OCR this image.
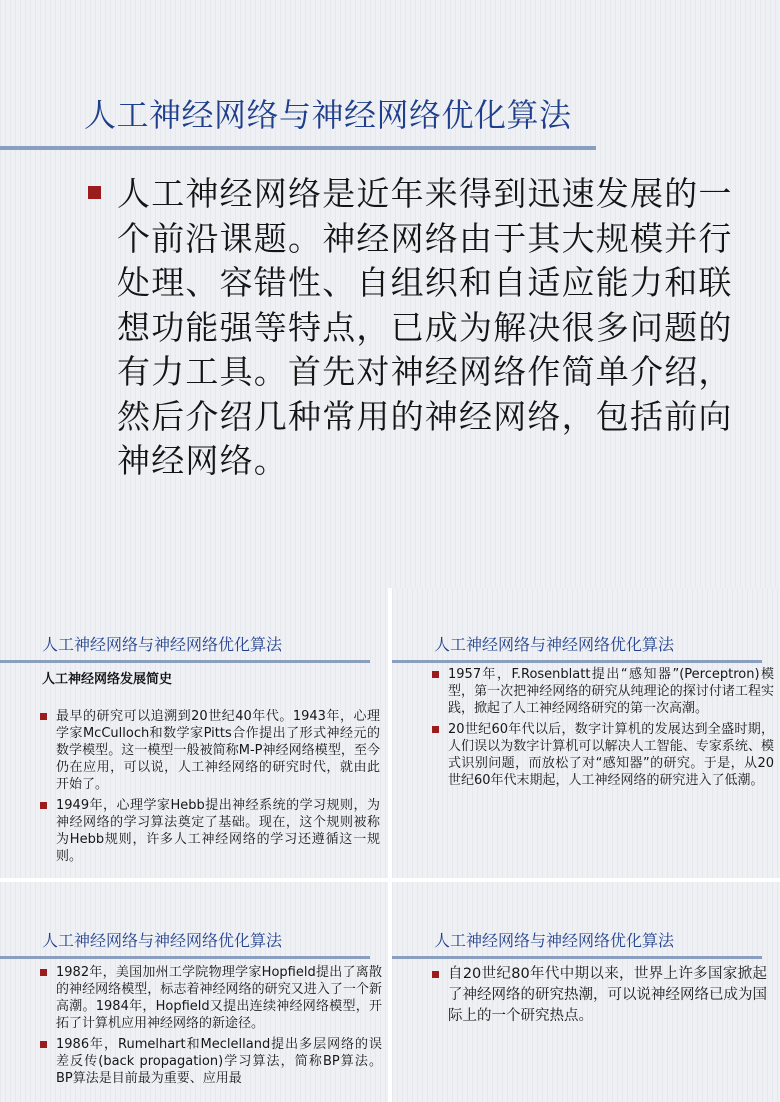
人工神经网络与神经网络优化算法
人工神经网络是近年来得到迅速发展的一个前沿课题。神经网络由于其大规模并行处理、容错性、自组织和自适应能力和联想功能强等特点，已成为解决很多问题的有力工具。首先对神经网络作简单介绍，然后介绍几种常用的神经网络，包括前向神经网络。
人工神经网络与神经网络优化算法
人工神经网络发展简史
最早的研究可以追溯到20世纪40年代。1943年，心理学家McCulloch和数学家Pitts合作提出了形式神经元的数学模型。这一模型一般被简称M-P神经网络模型，至今仍在应用，可以说，人工神经网络的研究时代，就由此开始了。
1949年，心理学家Hebb提出神经系统的学习规则，为神经网络的学习算法奠定了基础。现在，这个规则被称为Hebb规则，许多人工神经网络的学习还遵循这一规则。
人工神经网络与神经网络优化算法
1957年，F.Rosenblatt提出“感知器”(Perceptron)模型，第一次把神经网络的研究从纯理论的探讨付诸工程实践，掀起了人工神经网络研究的第一次高潮。
20世纪60年代以后，数字计算机的发展达到全盛时期，人们误以为数字计算机可以解决人工智能、专家系统、模式识别问题，而放松了对“感知器”的研究。于是，从20世纪60年代末期起，人工神经网络的研究进入了低潮。
人工神经网络与神经网络优化算法
1982年，美国加州工学院物理学家Hopfield提出了离散的神经网络模型，标志着神经网络的研究又进入了一个新高潮。1984年，Hopfield又提出连续神经网络模型，开拓了计算机应用神经网络的新途径。
1986年，Rumelhart和Meclelland提出多层网络的误差反传(back propagation)学习算法，简称BP算法。BP算法是目前最为重要、应用最
人工神经网络与神经网络优化算法
自20世纪80年代中期以来，世界上许多国家掀起了神经网络的研究热潮，可以说神经网络已成为国际上的一个研究热点。
